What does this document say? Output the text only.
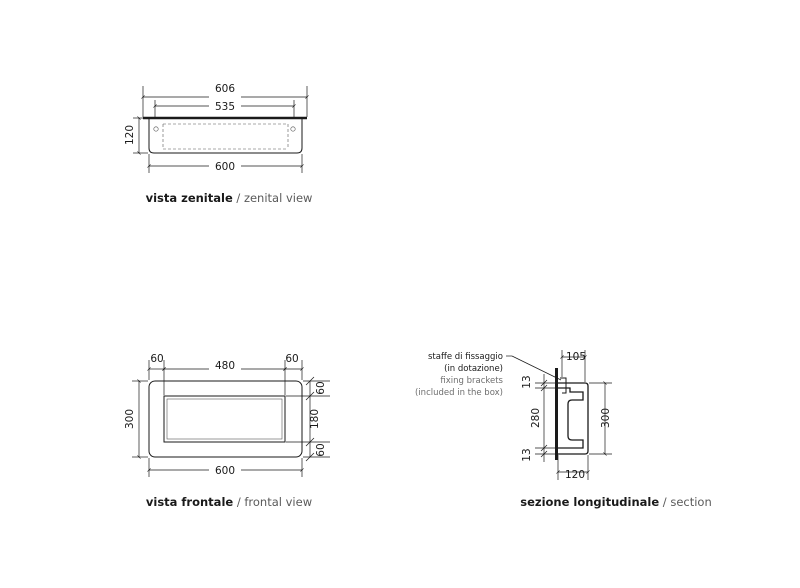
606
535
120
600
vista zenitale / zenital view
60
480
60
300
60
180
60
600
vista frontale / frontal view
staffe di fissaggio
(in dotazione)
fixing brackets
(included in the box)
105
13
280
13
300
120
sezione longitudinale / section
